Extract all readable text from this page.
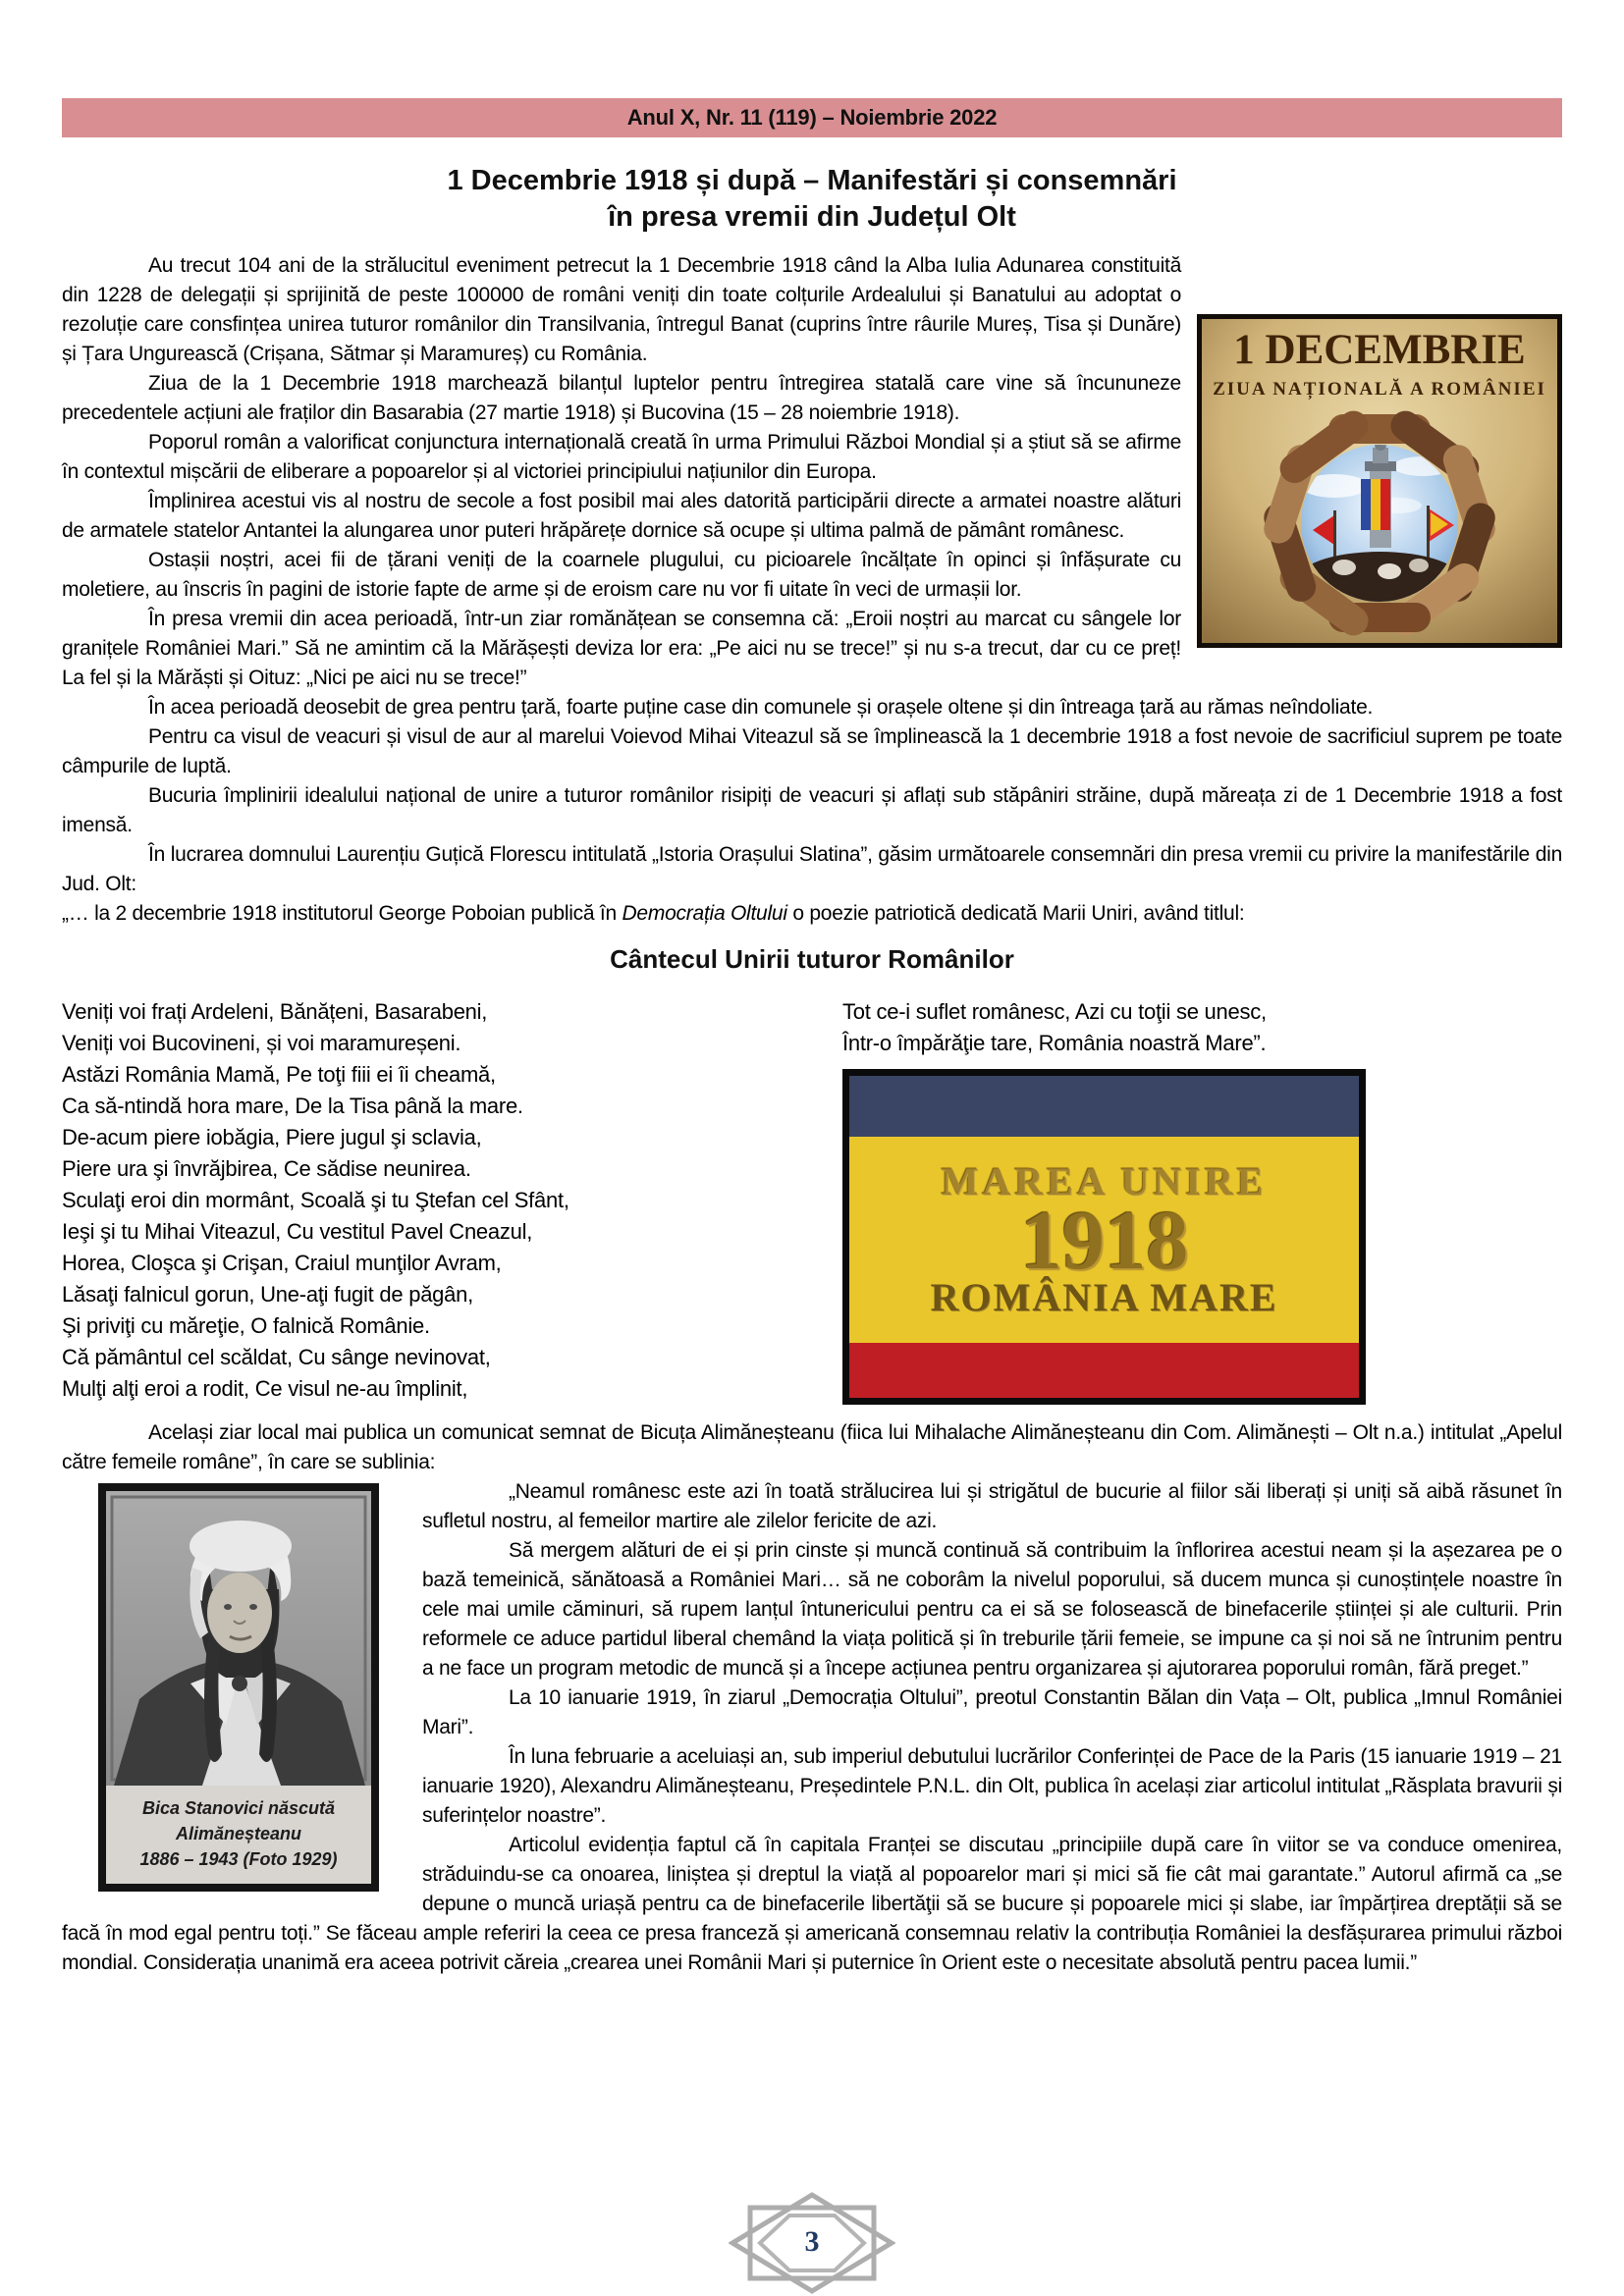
Anul X, Nr. 11 (119) – Noiembrie 2022
1 Decembrie 1918 și după – Manifestări și consemnări
în presa vremii din Județul Olt
1 DECEMBRIE
ZIUA NAȚIONALĂ A ROMÂNIEI

Au trecut 104 ani de la strălucitul eveniment petrecut la 1 Decembrie 1918 când la Alba Iulia Adunarea constituită din 1228 de delegații și sprijinită de peste 100000 de români veniți din toate colțurile Ardealului și Banatului au adoptat o rezoluție care consfințea unirea tuturor românilor din Transilvania, întregul Banat (cuprins între râurile Mureș, Tisa și Dunăre) și Țara Ungurească (Crișana, Sătmar și Maramureș) cu România.

Ziua de la 1 Decembrie 1918 marchează bilanțul luptelor pentru întregirea statală care vine să încununeze precedentele acțiuni ale fraților din Basarabia (27 martie 1918) și Bucovina (15 – 28 noiembrie 1918).

Poporul român a valorificat conjunctura internațională creată în urma Primului Război Mondial și a știut să se afirme în contextul mișcării de eliberare a popoarelor și al victoriei principiului națiunilor din Europa.

Împlinirea acestui vis al nostru de secole a fost posibil mai ales datorită participării directe a armatei noastre alături de armatele statelor Antantei la alungarea unor puteri hrăpărețe dornice să ocupe și ultima palmă de pământ românesc.

Ostașii noștri, acei fii de țărani veniți de la coarnele plugului, cu picioarele încălțate în opinci și înfășurate cu moletiere, au înscris în pagini de istorie fapte de arme și de eroism care nu vor fi uitate în veci de urmașii lor.

În presa vremii din acea perioadă, într-un ziar romănățean se consemna că: „Eroii noștri au marcat cu sângele lor granițele României Mari.” Să ne amintim că la Mărășești deviza lor era: „Pe aici nu se trece!” și nu s-a trecut, dar cu ce preț! La fel și la Mărăști și Oituz: „Nici pe aici nu se trece!”

În acea perioadă deosebit de grea pentru țară, foarte puține case din comunele și orașele oltene și din întreaga țară au rămas neîndoliate.

Pentru ca visul de veacuri și visul de aur al marelui Voievod Mihai Viteazul să se împlinească la 1 decembrie 1918 a fost nevoie de sacrificiul suprem pe toate câmpurile de luptă.

Bucuria împlinirii idealului național de unire a tuturor românilor risipiți de veacuri și aflați sub stăpâniri străine, după măreața zi de 1 Decembrie 1918 a fost imensă.

În lucrarea domnului Laurențiu Guțică Florescu intitulată „Istoria Orașului Slatina”, găsim următoarele consemnări din presa vremii cu privire la manifestările din Jud. Olt:

„… la 2 decembrie 1918 institutorul George Poboian publică în Democrația Oltului o poezie patriotică dedicată Marii Uniri, având titlul:

Cântecul Unirii tuturor Românilor
Veniți voi frați Ardeleni, Bănățeni, Basarabeni,
Veniți voi Bucovineni, și voi maramureșeni.
Astăzi România Mamă, Pe toţi fiii ei îi cheamă,
Ca să-ntindă hora mare, De la Tisa până la mare.
De-acum piere iobăgia, Piere jugul şi sclavia,
Piere ura şi învrăjbirea, Ce sădise neunirea.
Sculaţi eroi din mormânt, Scoală şi tu Ştefan cel Sfânt,
Ieşi şi tu Mihai Viteazul, Cu vestitul Pavel Cneazul,
Horea, Cloşca şi Crişan, Craiul munţilor Avram,
Lăsaţi falnicul gorun, Une-aţi fugit de păgân,
Şi priviţi cu măreţie, O falnică Românie.
Că pământul cel scăldat, Cu sânge nevinovat,
Mulţi alţi eroi a rodit, Ce visul ne-au împlinit,
Tot ce-i suflet românesc, Azi cu toţii se unesc,
Într-o împărăţie tare, România noastră Mare”.
MAREA UNIRE
1918
ROMÂNIA MARE

Același ziar local mai publica un comunicat semnat de Bicuța Alimăneșteanu (fiica lui Mihalache Alimăneșteanu din Com. Alimănești – Olt n.a.) intitulat „Apelul către femeile române”, în care se sublinia:

Bica Stanovici născută
Alimăneșteanu
1886 – 1943 (Foto 1929)

„Neamul românesc este azi în toată strălucirea lui și strigătul de bucurie al fiilor săi liberați și uniți să aibă răsunet în sufletul nostru, al femeilor martire ale zilelor fericite de azi.

Să mergem alături de ei și prin cinste și muncă continuă să contribuim la înflorirea acestui neam și la așezarea pe o bază temeinică, sănătoasă a României Mari… să ne coborâm la nivelul poporului, să ducem munca și cunoștințele noastre în cele mai umile căminuri, să rupem lanțul întunericului pentru ca ei să se folosească de binefacerile științei și ale culturii. Prin reformele ce aduce partidul liberal chemând la viața politică și în treburile țării femeie, se impune ca și noi să ne întrunim pentru a ne face un program metodic de muncă și a începe acțiunea pentru organizarea și ajutorarea poporului român, fără preget.”

La 10 ianuarie 1919, în ziarul „Democrația Oltului”, preotul Constantin Bălan din Vața – Olt, publica „Imnul României Mari”.

În luna februarie a aceluiași an, sub imperiul debutului lucrărilor Conferinței de Pace de la Paris (15 ianuarie 1919 – 21 ianuarie 1920), Alexandru Alimăneșteanu, Președintele P.N.L. din Olt, publica în același ziar articolul intitulat „Răsplata bravurii și suferințelor noastre”.

Articolul evidenția faptul că în capitala Franței se discutau „principiile după care în viitor se va conduce omenirea, străduindu-se ca onoarea, liniștea și dreptul la viață al popoarelor mari și mici să fie cât mai garantate.” Autorul afirmă ca „se depune o muncă uriașă pentru ca de binefacerile libertăţii să se bucure și popoarele mici și slabe, iar împărțirea dreptății să se facă în mod egal pentru toți.” Se făceau ample referiri la ceea ce presa franceză și americană consemnau relativ la contribuția României la desfășurarea primului război mondial. Considerația unanimă era aceea potrivit căreia „crearea unei Românii Mari și puternice în Orient este o necesitate absolută pentru pacea lumii.”

3
